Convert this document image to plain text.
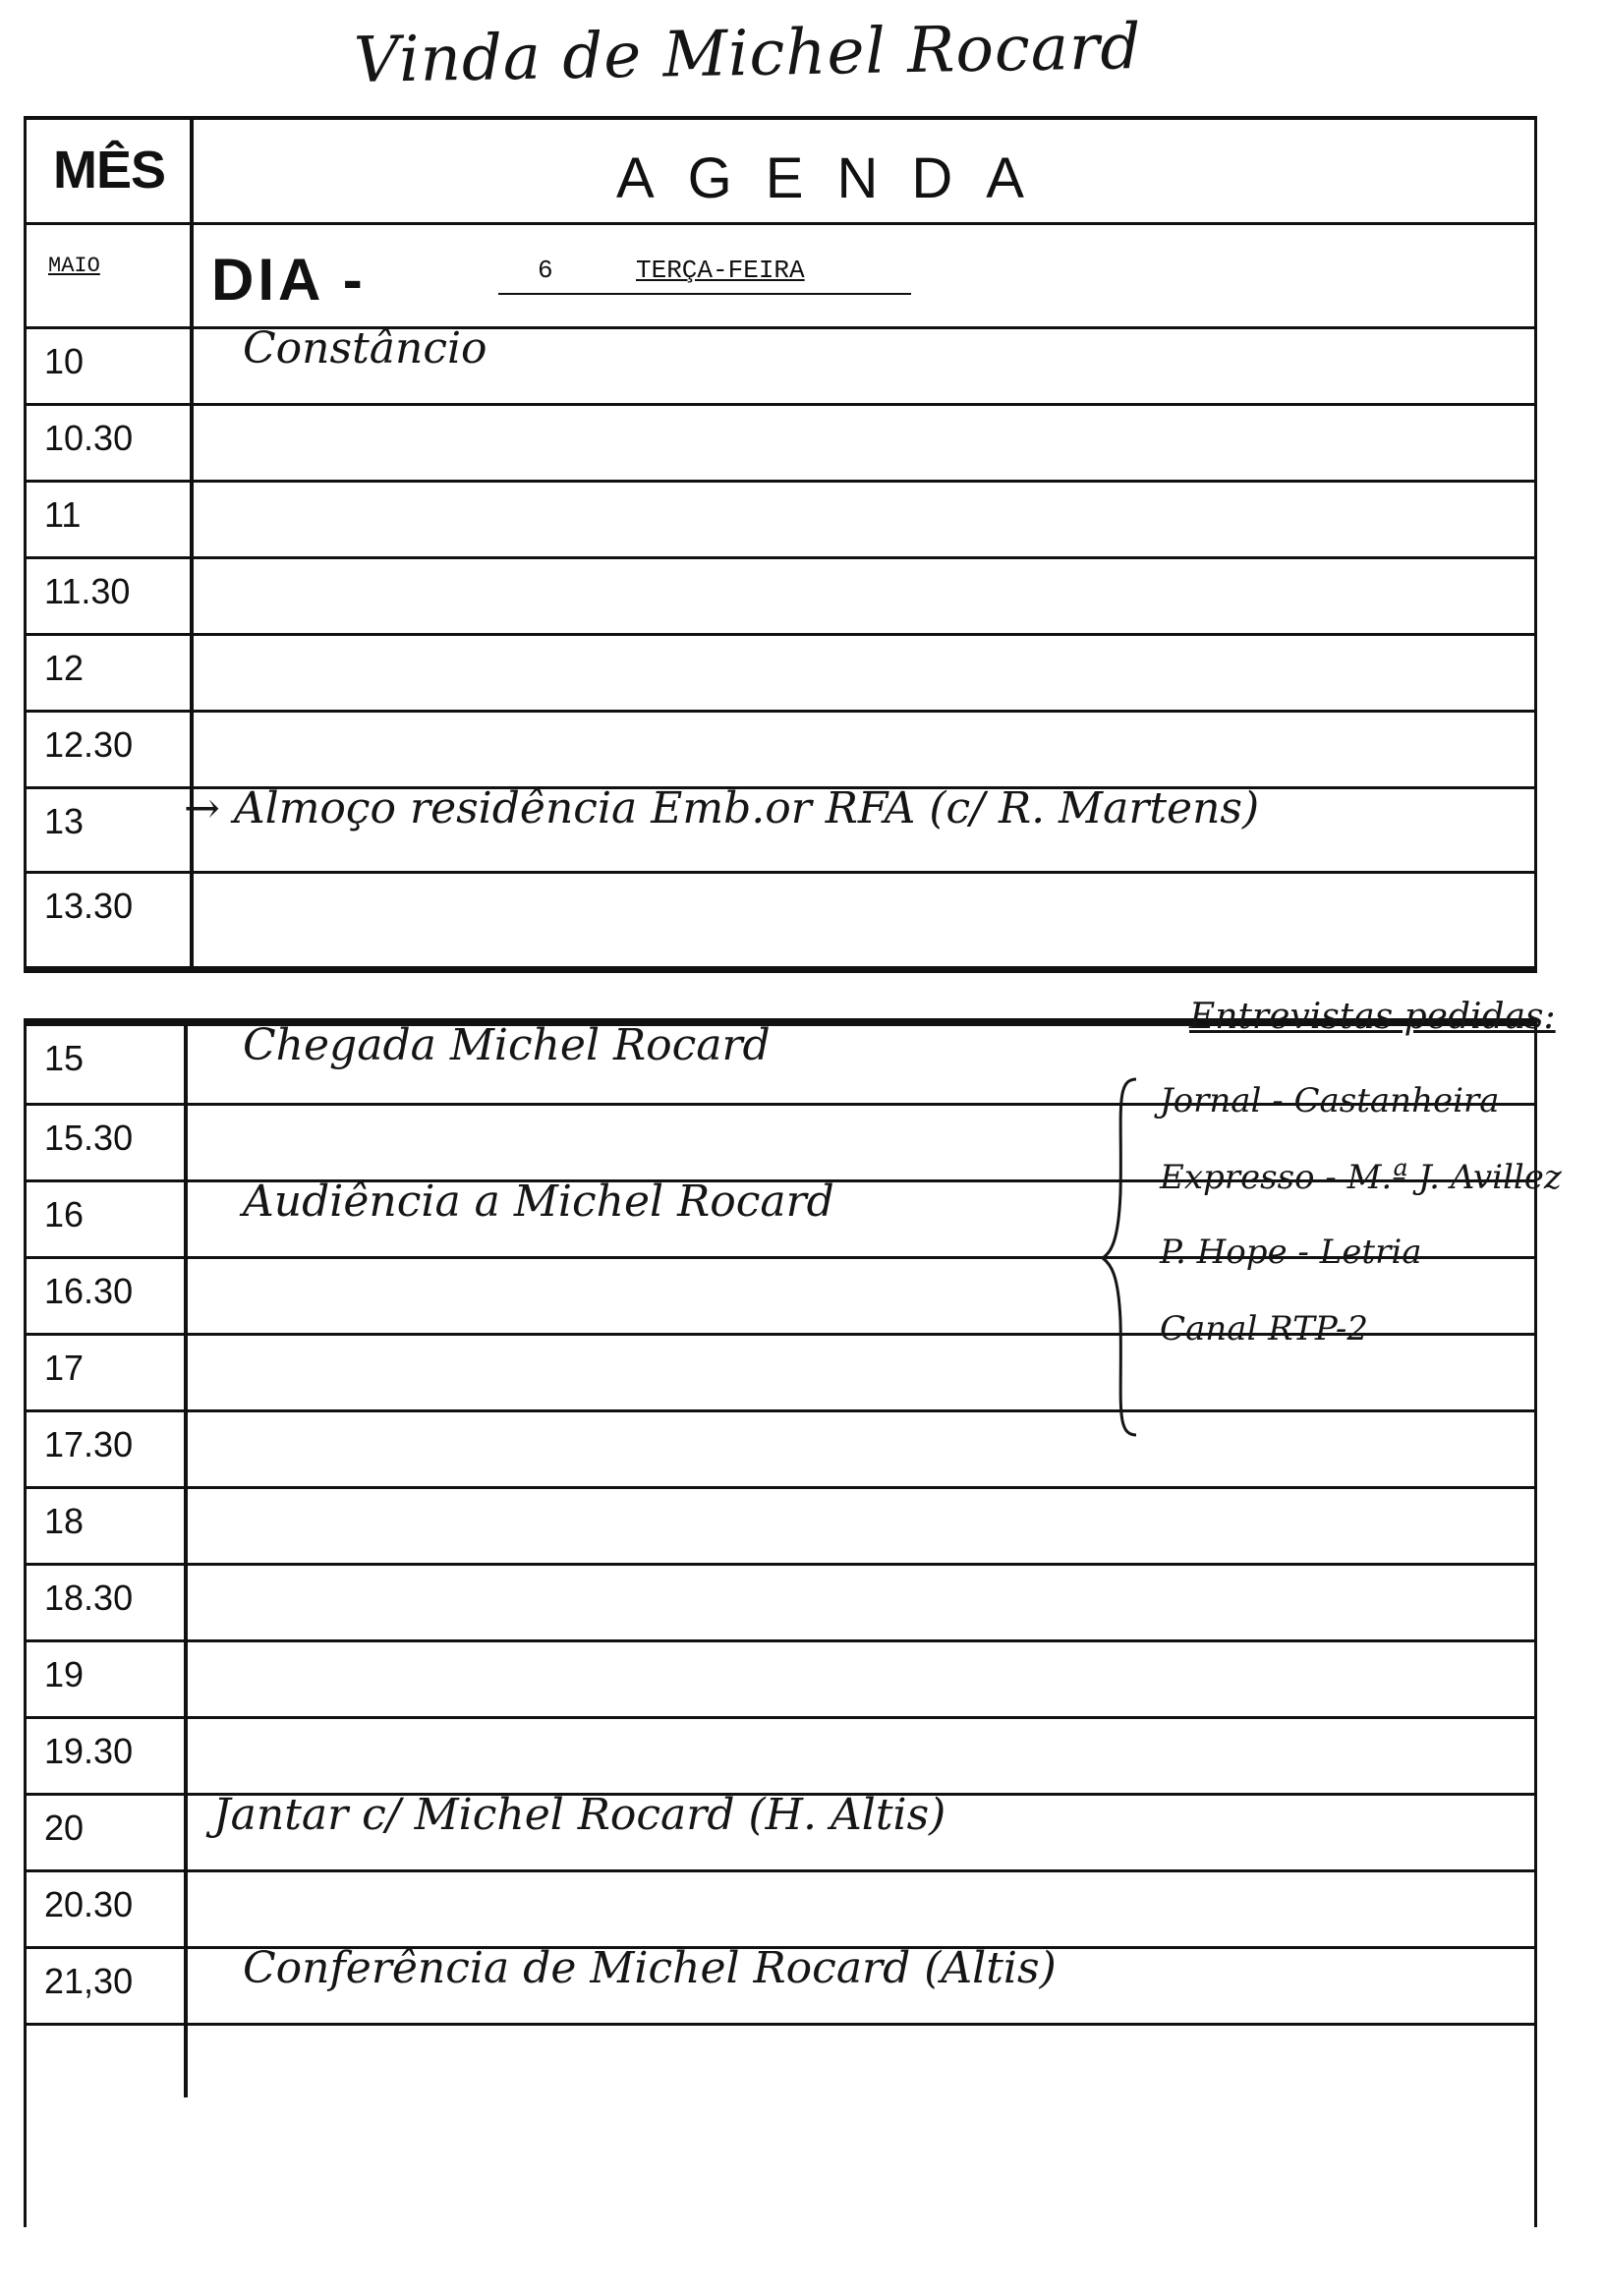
Vinda de Michel Rocard
MÊS	AGENDA
MAIO DIA -	6	TERÇA-FEIRA
10	Constâncio
10.30
11
11.30
12
12.30
13 → Almoço residência Emb.or RFA (c/ R. Martens)
13.30
15	Chegada Michel Rocard
15.30
16	Audiência a Michel Rocard
16.30
17
17.30
18
18.30
19
19.30
20	Jantar c/ Michel Rocard (H. Altis)
20.30
21,30	Conferência de Michel Rocard (Altis)
Entrevistas pedidas:
Jornal - Castanheira
Expresso - M.ª J. Avillez
P. Hope - Letria
Canal RTP-2
